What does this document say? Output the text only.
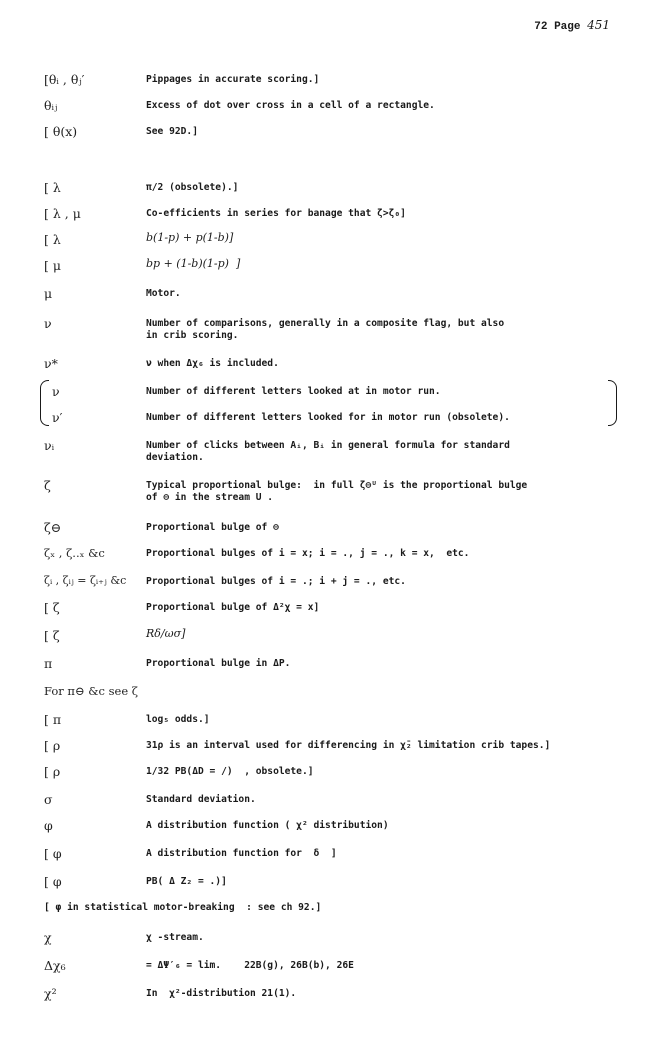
72 Page 451
[θᵢ , θⱼ′	Pippages in accurate scoring.]
θᵢⱼ	Excess of dot over cross in a cell of a rectangle.
[ θ(x)	See 92D.]
[ λ	π/2 (obsolete).]
[ λ , μ	Co-efficients in series for banage that ζ>ζ₀]
[ λ	b(1-p) + p(1-b)]
[ μ	bp + (1-b)(1-p)  ]
μ	Motor.
ν	Number of comparisons, generally in a composite flag, but also
in crib scoring.
ν*	ν when Δχ₆ is included.
ν	Number of different letters looked at in motor run.
ν′	Number of different letters looked for in motor run (obsolete).
νᵢ	Number of clicks between Aᵢ, Bᵢ in general formula for standard
deviation.
ζ	Typical proportional bulge:  in full ζ⊖ᵁ is the proportional bulge
of ⊖ in the stream U .
ζ⊖	Proportional bulge of ⊖
ζₓ , ζ..ₓ &c	Proportional bulges of i = x; i = ., j = ., k = x,  etc.
ζᵢ , ζᵢⱼ = ζᵢ₊ⱼ &c Proportional bulges of i = .; i + j = ., etc.
[ ζ	Proportional bulge of Δ²χ = x]
[ ζ	Rδ/ωσ]
π	Proportional bulge in ΔP.
For π⊖ &c see ζ
[ π	log₅ odds.]
[ ρ	31ρ is an interval used for differencing in χ̄₂ limitation crib tapes.]
[ ρ	1/32 PB(ΔD = /)  , obsolete.]
σ	Standard deviation.
φ	A distribution function ( χ² distribution)
[ φ	A distribution function for  δ  ]
[ φ	PB( Δ Z₂ = .)]
[ φ in statistical motor-breaking  : see ch 92.]
χ	χ -stream.
Δχ₆	= ΔΨ′₆ = lim.    22B(g), 26B(b), 26E
χ²	In  χ²-distribution 21(1).
